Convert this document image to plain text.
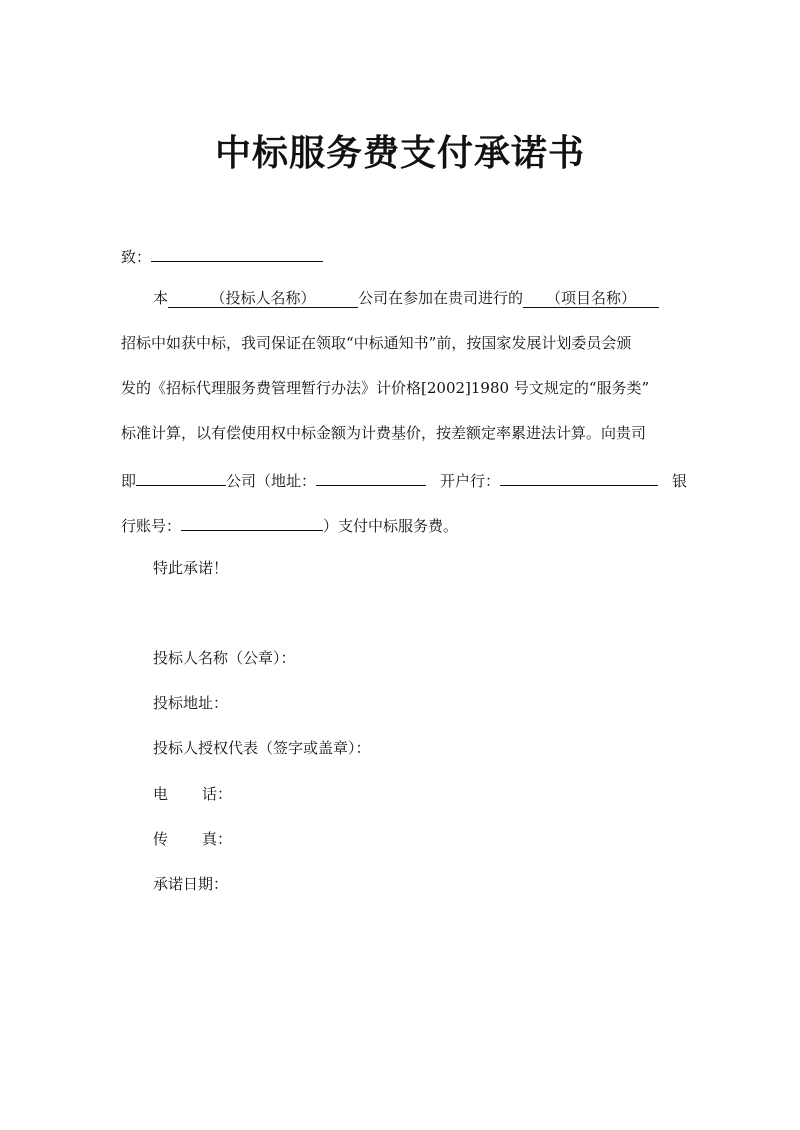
中标服务费支付承诺书
致：
本	（投标人名称）	公司在参加在贵司进行的 （项目名称）
招标中如获中标，我司保证在领取“中标通知书”前，按国家发展计划委员会颁
发的《招标代理服务费管理暂行办法》计价格[2002]1980 号文规定的“服务类”
标准计算，以有偿使用权中标金额为计费基价，按差额定率累进法计算。向贵司
即	公司（地址：	开户行：	银
行账号：	）支付中标服务费。
特此承诺！
投标人名称（公章）：
投标地址：
投标人授权代表（签字或盖章）：
电 话：
传 真：
承诺日期：
